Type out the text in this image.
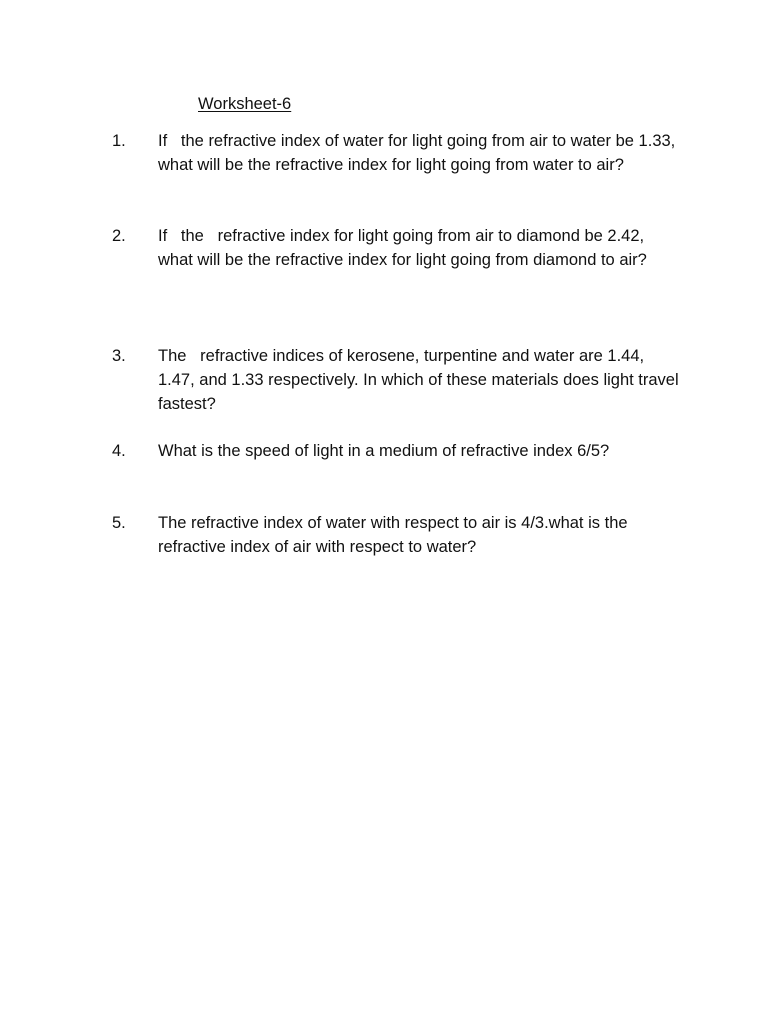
Worksheet-6
1.	If   the refractive index of water for light going from air to water be 1.33, what will be the refractive index for light going from water to air?
2.	If   the   refractive index for light going from air to diamond be 2.42, what will be the refractive index for light going from diamond to air?
3.	The   refractive indices of kerosene, turpentine and water are 1.44, 1.47, and 1.33 respectively. In which of these materials does light travel fastest?
4.	What is the speed of light in a medium of refractive index 6/5?
5.	The refractive index of water with respect to air is 4/3.what is the refractive index of air with respect to water?
